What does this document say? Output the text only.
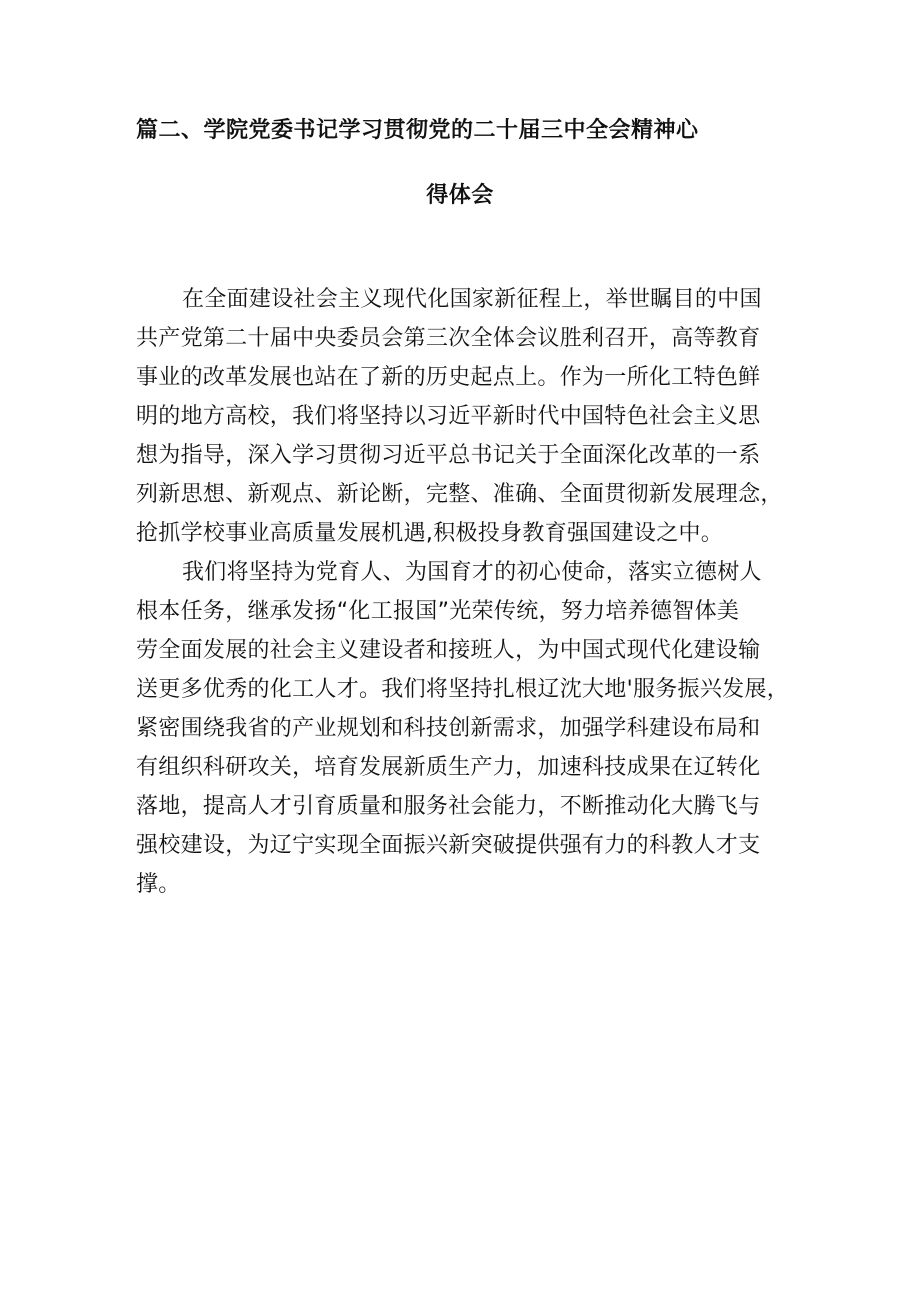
篇二、学院党委书记学习贯彻党的二十届三中全会精神心
得体会
在全面建设社会主义现代化国家新征程上，举世瞩目的中国
共产党第二十届中央委员会第三次全体会议胜利召开，高等教育
事业的改革发展也站在了新的历史起点上。作为一所化工特色鲜
明的地方高校，我们将坚持以习近平新时代中国特色社会主义思
想为指导，深入学习贯彻习近平总书记关于全面深化改革的一系
列新思想、新观点、新论断，完整、准确、全面贯彻新发展理念，
抢抓学校事业高质量发展机遇,积极投身教育强国建设之中。
我们将坚持为党育人、为国育才的初心使命，落实立德树人
根本任务，继承发扬“化工报国”光荣传统，努力培养德智体美
劳全面发展的社会主义建设者和接班人，为中国式现代化建设输
送更多优秀的化工人才。我们将坚持扎根辽沈大地'服务振兴发展，
紧密围绕我省的产业规划和科技创新需求，加强学科建设布局和
有组织科研攻关，培育发展新质生产力，加速科技成果在辽转化
落地，提高人才引育质量和服务社会能力，不断推动化大腾飞与
强校建设，为辽宁实现全面振兴新突破提供强有力的科教人才支
撑。
